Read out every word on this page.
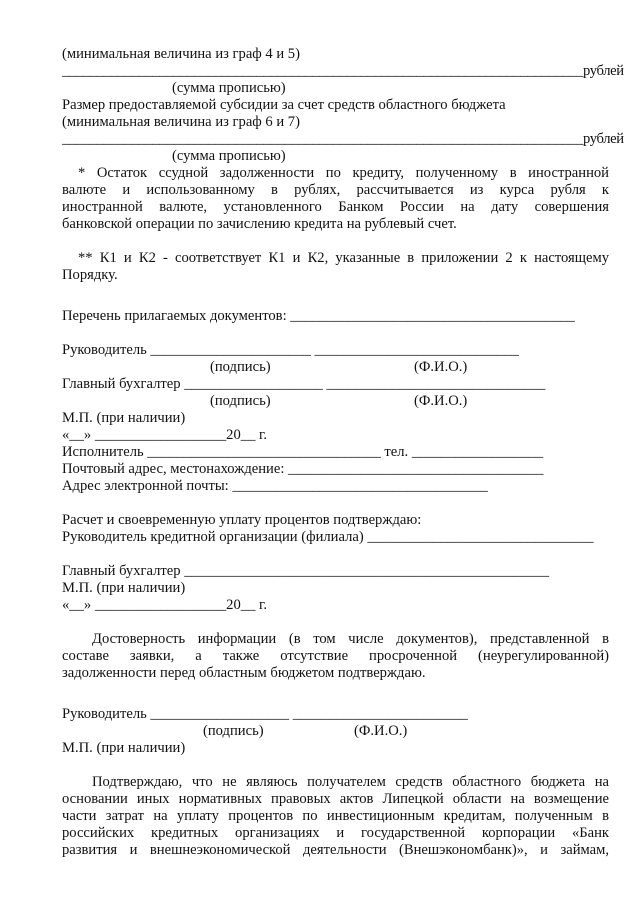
(минимальная величина из граф 4 и 5)
___________________________________________________________________________рублей
(сумма прописью)
Размер предоставляемой субсидии за счет средств областного бюджета
(минимальная величина из граф 6 и 7)
___________________________________________________________________________рублей
(сумма прописью)
* Остаток ссудной задолженности по кредиту, полученному в иностранной
валюте и использованному в рублях, рассчитывается из курса рубля к
иностранной валюте, установленного Банком России на дату совершения
банковской операции по зачислению кредита на рублевый счет.
** К1 и К2 - соответствует К1 и К2, указанные в приложении 2 к настоящему
Порядку.
Перечень прилагаемых документов: _______________________________________
Руководитель ______________________ ____________________________
(подпись)	(Ф.И.О.)
Главный бухгалтер ___________________ ______________________________
(подпись)	(Ф.И.О.)
М.П. (при наличии)
«__» __________________20__ г.
Исполнитель ________________________________ тел. __________________
Почтовый адрес, местонахождение: ___________________________________
Адрес электронной почты: ___________________________________
Расчет и своевременную уплату процентов подтверждаю:
Руководитель кредитной организации (филиала) _______________________________
Главный бухгалтер __________________________________________________
М.П. (при наличии)
«__» __________________20__ г.
Достоверность информации (в том числе документов), представленной в
составе заявки, а также отсутствие просроченной (неурегулированной)
задолженности перед областным бюджетом подтверждаю.
Руководитель ___________________ ________________________
(подпись)	(Ф.И.О.)
М.П. (при наличии)
Подтверждаю, что не являюсь получателем средств областного бюджета на
основании иных нормативных правовых актов Липецкой области на возмещение
части затрат на уплату процентов по инвестиционным кредитам, полученным в
российских кредитных организациях и государственной корпорации «Банк
развития и внешнеэкономической деятельности (Внешэкономбанк)», и займам,
